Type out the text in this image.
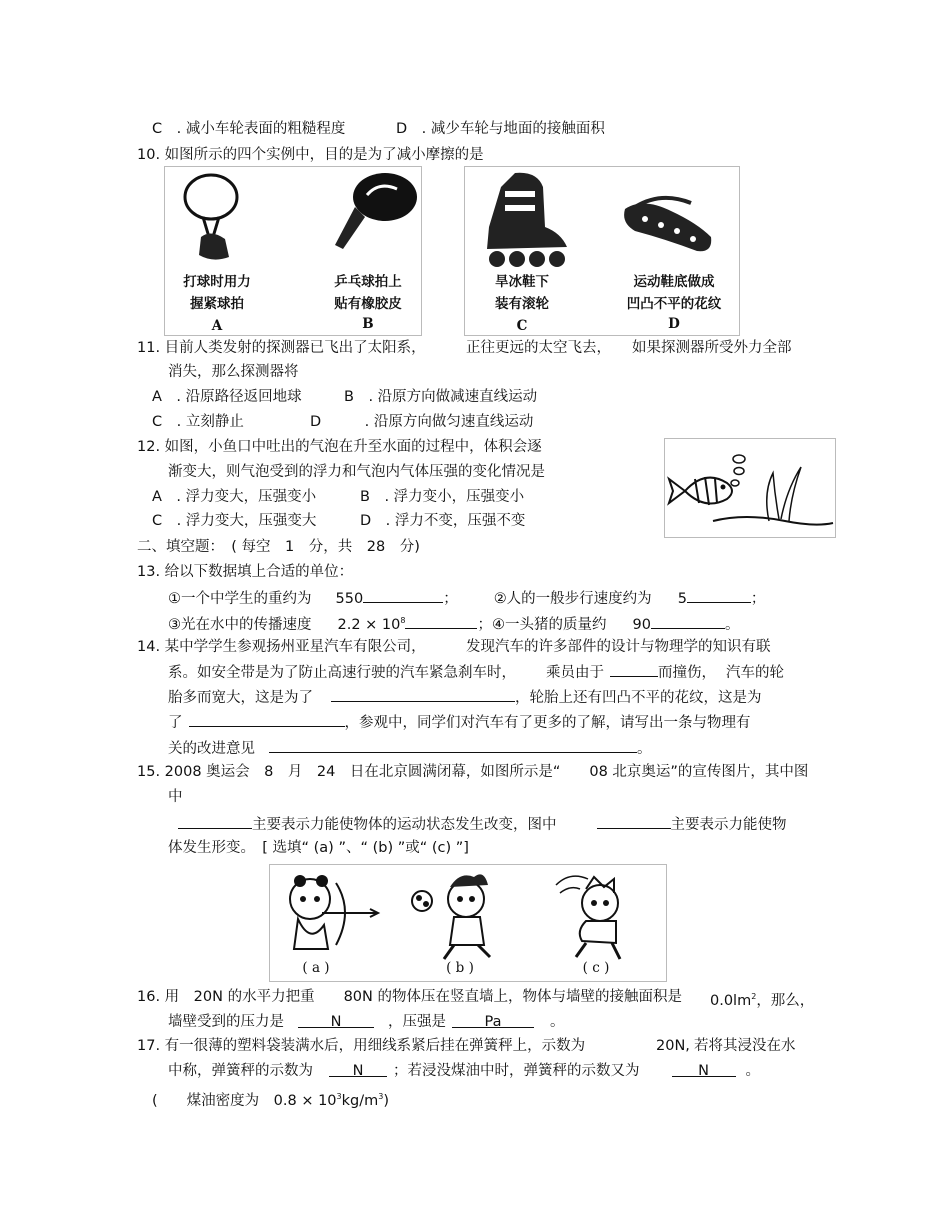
C　. 减小车轮表面的粗糙程度	D　. 减少车轮与地面的接触面积
10. 如图所示的四个实例中，目的是为了减小摩擦的是
打球时用力
握紧球拍
A
乒乓球拍上
贴有橡胶皮
B
旱冰鞋下
装有滚轮
C
运动鞋底做成
凹凸不平的花纹
D
11. 目前人类发射的探测器已飞出了太阳系，	正往更远的太空飞去， 如果探测器所受外力全部
消失，那么探测器将
A　. 沿原路径返回地球	B　. 沿原方向做减速直线运动
C　. 立刻静止	D　　　. 沿原方向做匀速直线运动
12. 如图，小鱼口中吐出的气泡在升至水面的过程中，体积会逐
渐变大，则气泡受到的浮力和气泡内气体压强的变化情况是
A　. 浮力变大，压强变小	B　. 浮力变小，压强变小
C　. 浮力变大，压强变大	D　. 浮力不变，压强不变
二、填空题：　( 每空　1　分，共　28　分)
13. 给以下数据填上合适的单位：
①一个中学生的重约为 550	； ②人的一般步行速度约为 5	；
③光在水中的传播速度 $2.2 \times 10^8$	；④一头猪的质量约 90	。
14. 某中学学生参观扬州亚星汽车有限公司，	发现汽车的许多部件的设计与物理学的知识有联
系。如安全带是为了防止高速行驶的汽车紧急刹车时， 乘员由于	而撞伤， 汽车的轮
胎多而宽大，这是为了	，轮胎上还有凹凸不平的花纹，这是为
了	，参观中，同学们对汽车有了更多的了解，请写出一条与物理有
关的改进意见	。
15. 2008 奥运会　8　月　24　日在北京圆满闭幕，如图所示是“　　08 北京奥运”的宣传图片，其中图
中
主要表示力能使物体的运动状态发生改变，图中	主要表示力能使物
体发生形变。　[ 选填“ (a) ”、“ (b) ”或“ (c) ”]
( a )	( b )	( c )
16. 用　20N 的水平力把重　　80N 的物体压在竖直墙上，物体与墙壁的接触面积是 $0.0lm^2$，那么，
墙壁受到的压力是	N	，压强是	Pa	。
17. 有一很薄的塑料袋装满水后，用细线系紧后挂在弹簧秤上，示数为	20N, 若将其浸没在水
中称，弹簧秤的示数为	N ；若浸没煤油中时，弹簧秤的示数又为	N	。
(　　煤油密度为　$0.8 \times 10^3kg/m^3$)
